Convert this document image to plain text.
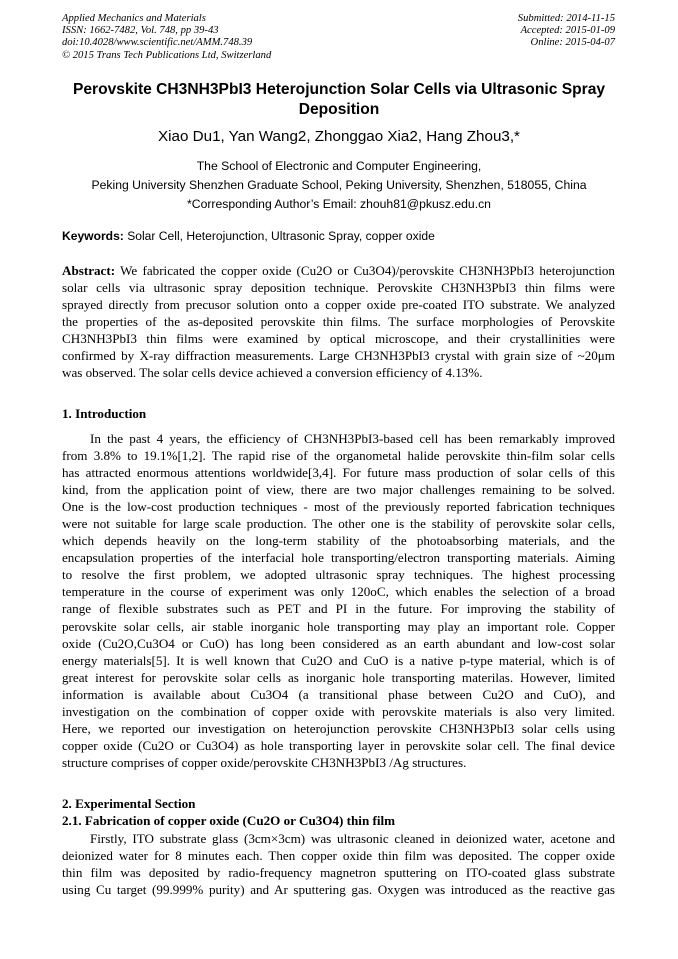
Applied Mechanics and Materials
ISSN: 1662-7482, Vol. 748, pp 39-43
doi:10.4028/www.scientific.net/AMM.748.39
© 2015 Trans Tech Publications Ltd, Switzerland
Submitted: 2014-11-15
Accepted: 2015-01-09
Online: 2015-04-07
Perovskite CH3NH3PbI3 Heterojunction Solar Cells via Ultrasonic Spray Deposition
Xiao Du1, Yan Wang2, Zhonggao Xia2, Hang Zhou3,*
The School of Electronic and Computer Engineering,
Peking University Shenzhen Graduate School, Peking University, Shenzhen, 518055, China
*Corresponding Author’s Email: zhouh81@pkusz.edu.cn
Keywords: Solar Cell, Heterojunction, Ultrasonic Spray, copper oxide
Abstract: We fabricated the copper oxide (Cu2O or Cu3O4)/perovskite CH3NH3PbI3 heterojunction
solar cells via ultrasonic spray deposition technique. Perovskite CH3NH3PbI3 thin films were
sprayed directly from precusor solution onto a copper oxide pre-coated ITO substrate. We analyzed
the properties of the as-deposited perovskite thin films. The surface morphologies of Perovskite
CH3NH3PbI3 thin films were examined by optical microscope, and their crystallinities were
confirmed by X-ray diffraction measurements. Large CH3NH3PbI3 crystal with grain size of ~20μm
was observed. The solar cells device achieved a conversion efficiency of 4.13%.
1. Introduction
In the past 4 years, the efficiency of CH3NH3PbI3-based cell has been remarkably improved
from 3.8% to 19.1%[1,2]. The rapid rise of the organometal halide perovskite thin-film solar cells
has attracted enormous attentions worldwide[3,4]. For future mass production of solar cells of this
kind, from the application point of view, there are two major challenges remaining to be solved.
One is the low-cost production techniques - most of the previously reported fabrication techniques
were not suitable for large scale production. The other one is the stability of perovskite solar cells,
which depends heavily on the long-term stability of the photoabsorbing materials, and the
encapsulation properties of the interfacial hole transporting/electron transporting materials. Aiming
to resolve the first problem, we adopted ultrasonic spray techniques. The highest processing
temperature in the course of experiment was only 120oC, which enables the selection of a broad
range of flexible substrates such as PET and PI in the future. For improving the stability of
perovskite solar cells, air stable inorganic hole transporting may play an important role. Copper
oxide (Cu2O,Cu3O4 or CuO) has long been considered as an earth abundant and low-cost solar
energy materials[5]. It is well known that Cu2O and CuO is a native p-type material, which is of
great interest for perovskite solar cells as inorganic hole transporting materilas. However, limited
information is available about Cu3O4 (a transitional phase between Cu2O and CuO), and
investigation on the combination of copper oxide with perovskite materials is also very limited.
Here, we reported our investigation on heterojunction perovskite CH3NH3PbI3 solar cells using
copper oxide (Cu2O or Cu3O4) as hole transporting layer in perovskite solar cell. The final device
structure comprises of copper oxide/perovskite CH3NH3PbI3 /Ag structures.
2. Experimental Section
2.1. Fabrication of copper oxide (Cu2O or Cu3O4) thin film
Firstly, ITO substrate glass (3cm×3cm) was ultrasonic cleaned in deionized water, acetone and
deionized water for 8 minutes each. Then copper oxide thin film was deposited. The copper oxide
thin film was deposited by radio-frequency magnetron sputtering on ITO-coated glass substrate
using Cu target (99.999% purity) and Ar sputtering gas. Oxygen was introduced as the reactive gas
